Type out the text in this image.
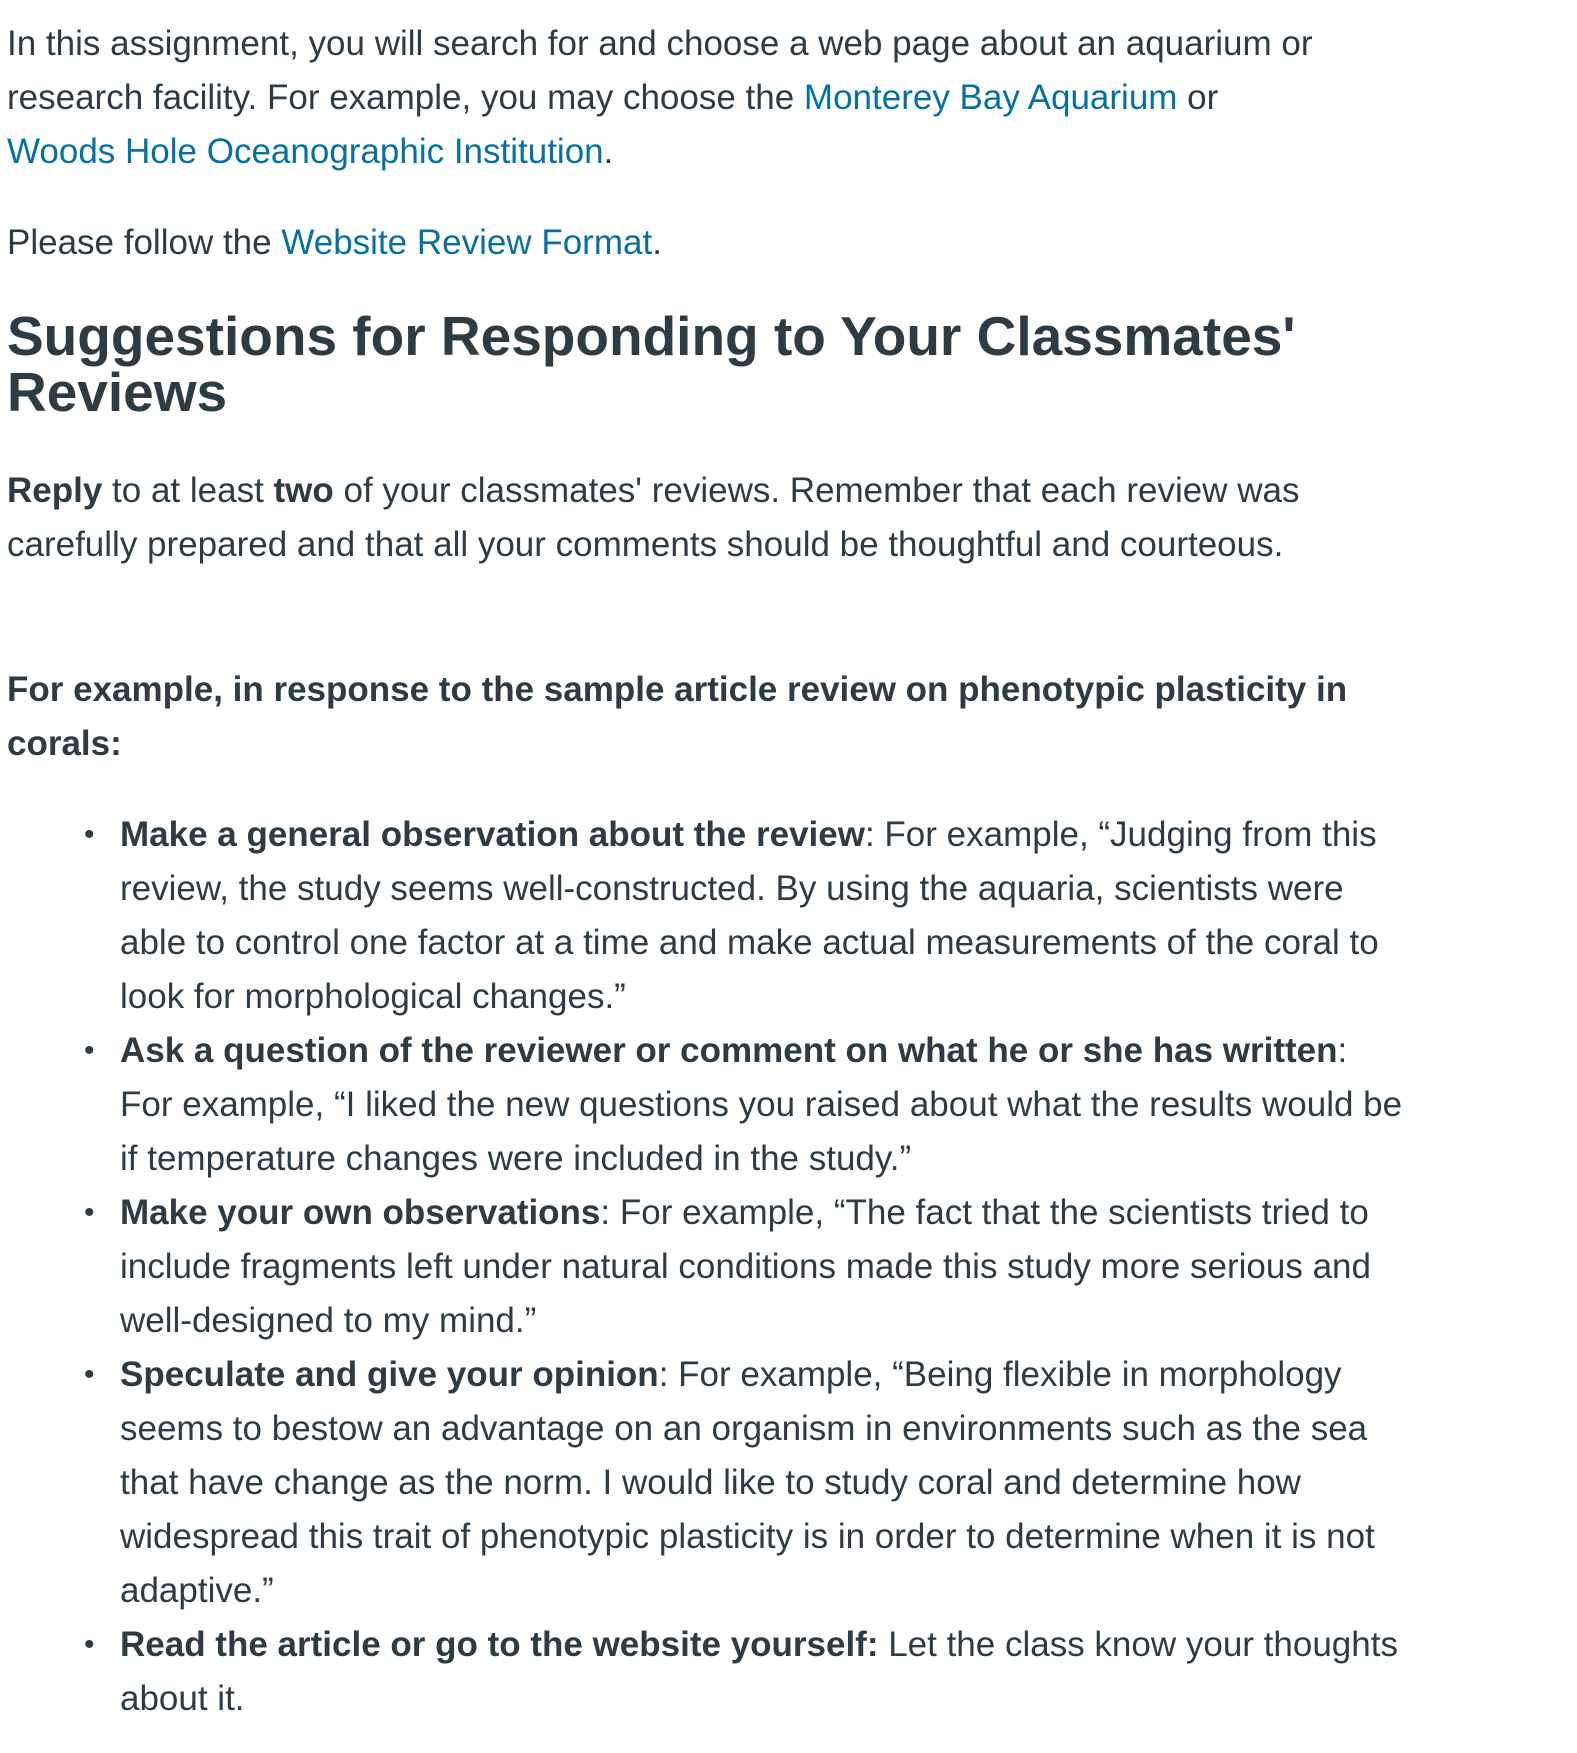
In this assignment, you will search for and choose a web page about an aquarium or research facility. For example, you may choose the Monterey Bay Aquarium or
Woods Hole Oceanographic Institution.

Please follow the Website Review Format.

Suggestions for Responding to Your Classmates' Reviews

Reply to at least two of your classmates' reviews. Remember that each review was carefully prepared and that all your comments should be thoughtful and courteous.

For example, in response to the sample article review on phenotypic plasticity in corals:

• Make a general observation about the review: For example, “Judging from this review, the study seems well-constructed. By using the aquaria, scientists were able to control one factor at a time and make actual measurements of the coral to look for morphological changes.”
• Ask a question of the reviewer or comment on what he or she has written: For example, “I liked the new questions you raised about what the results would be if temperature changes were included in the study.”
• Make your own observations: For example, “The fact that the scientists tried to include fragments left under natural conditions made this study more serious and well-designed to my mind.”
• Speculate and give your opinion: For example, “Being flexible in morphology seems to bestow an advantage on an organism in environments such as the sea that have change as the norm. I would like to study coral and determine how widespread this trait of phenotypic plasticity is in order to determine when it is not adaptive.”
• Read the article or go to the website yourself: Let the class know your thoughts about it.
